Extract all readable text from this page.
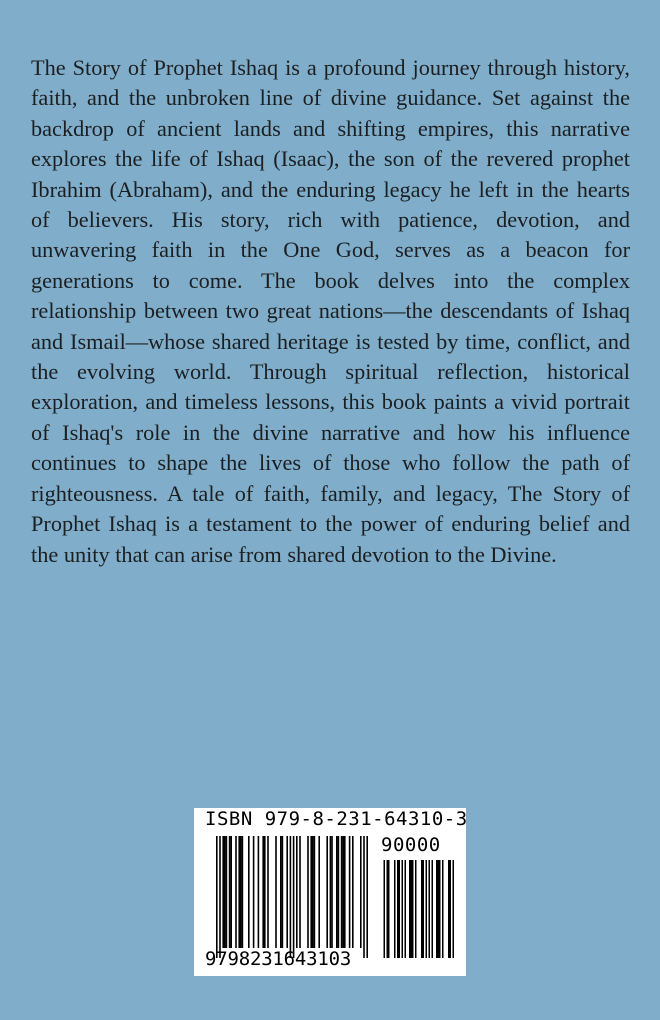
The Story of Prophet Ishaq is a profound journey through history, faith, and the unbroken line of divine guidance. Set against the backdrop of ancient lands and shifting empires, this narrative explores the life of Ishaq (Isaac), the son of the revered prophet Ibrahim (Abraham), and the enduring legacy he left in the hearts of believers. His story, rich with patience, devotion, and unwavering faith in the One God, serves as a beacon for generations to come. The book delves into the complex relationship between two great nations—the descendants of Ishaq and Ismail—whose shared heritage is tested by time, conflict, and the evolving world. Through spiritual reflection, historical exploration, and timeless lessons, this book paints a vivid portrait of Ishaq's role in the divine narrative and how his influence continues to shape the lives of those who follow the path of righteousness. A tale of faith, family, and legacy, The Story of Prophet Ishaq is a testament to the power of enduring belief and the unity that can arise from shared devotion to the Divine.

ISBN 979-8-231-64310-3
90000
9798231643103
